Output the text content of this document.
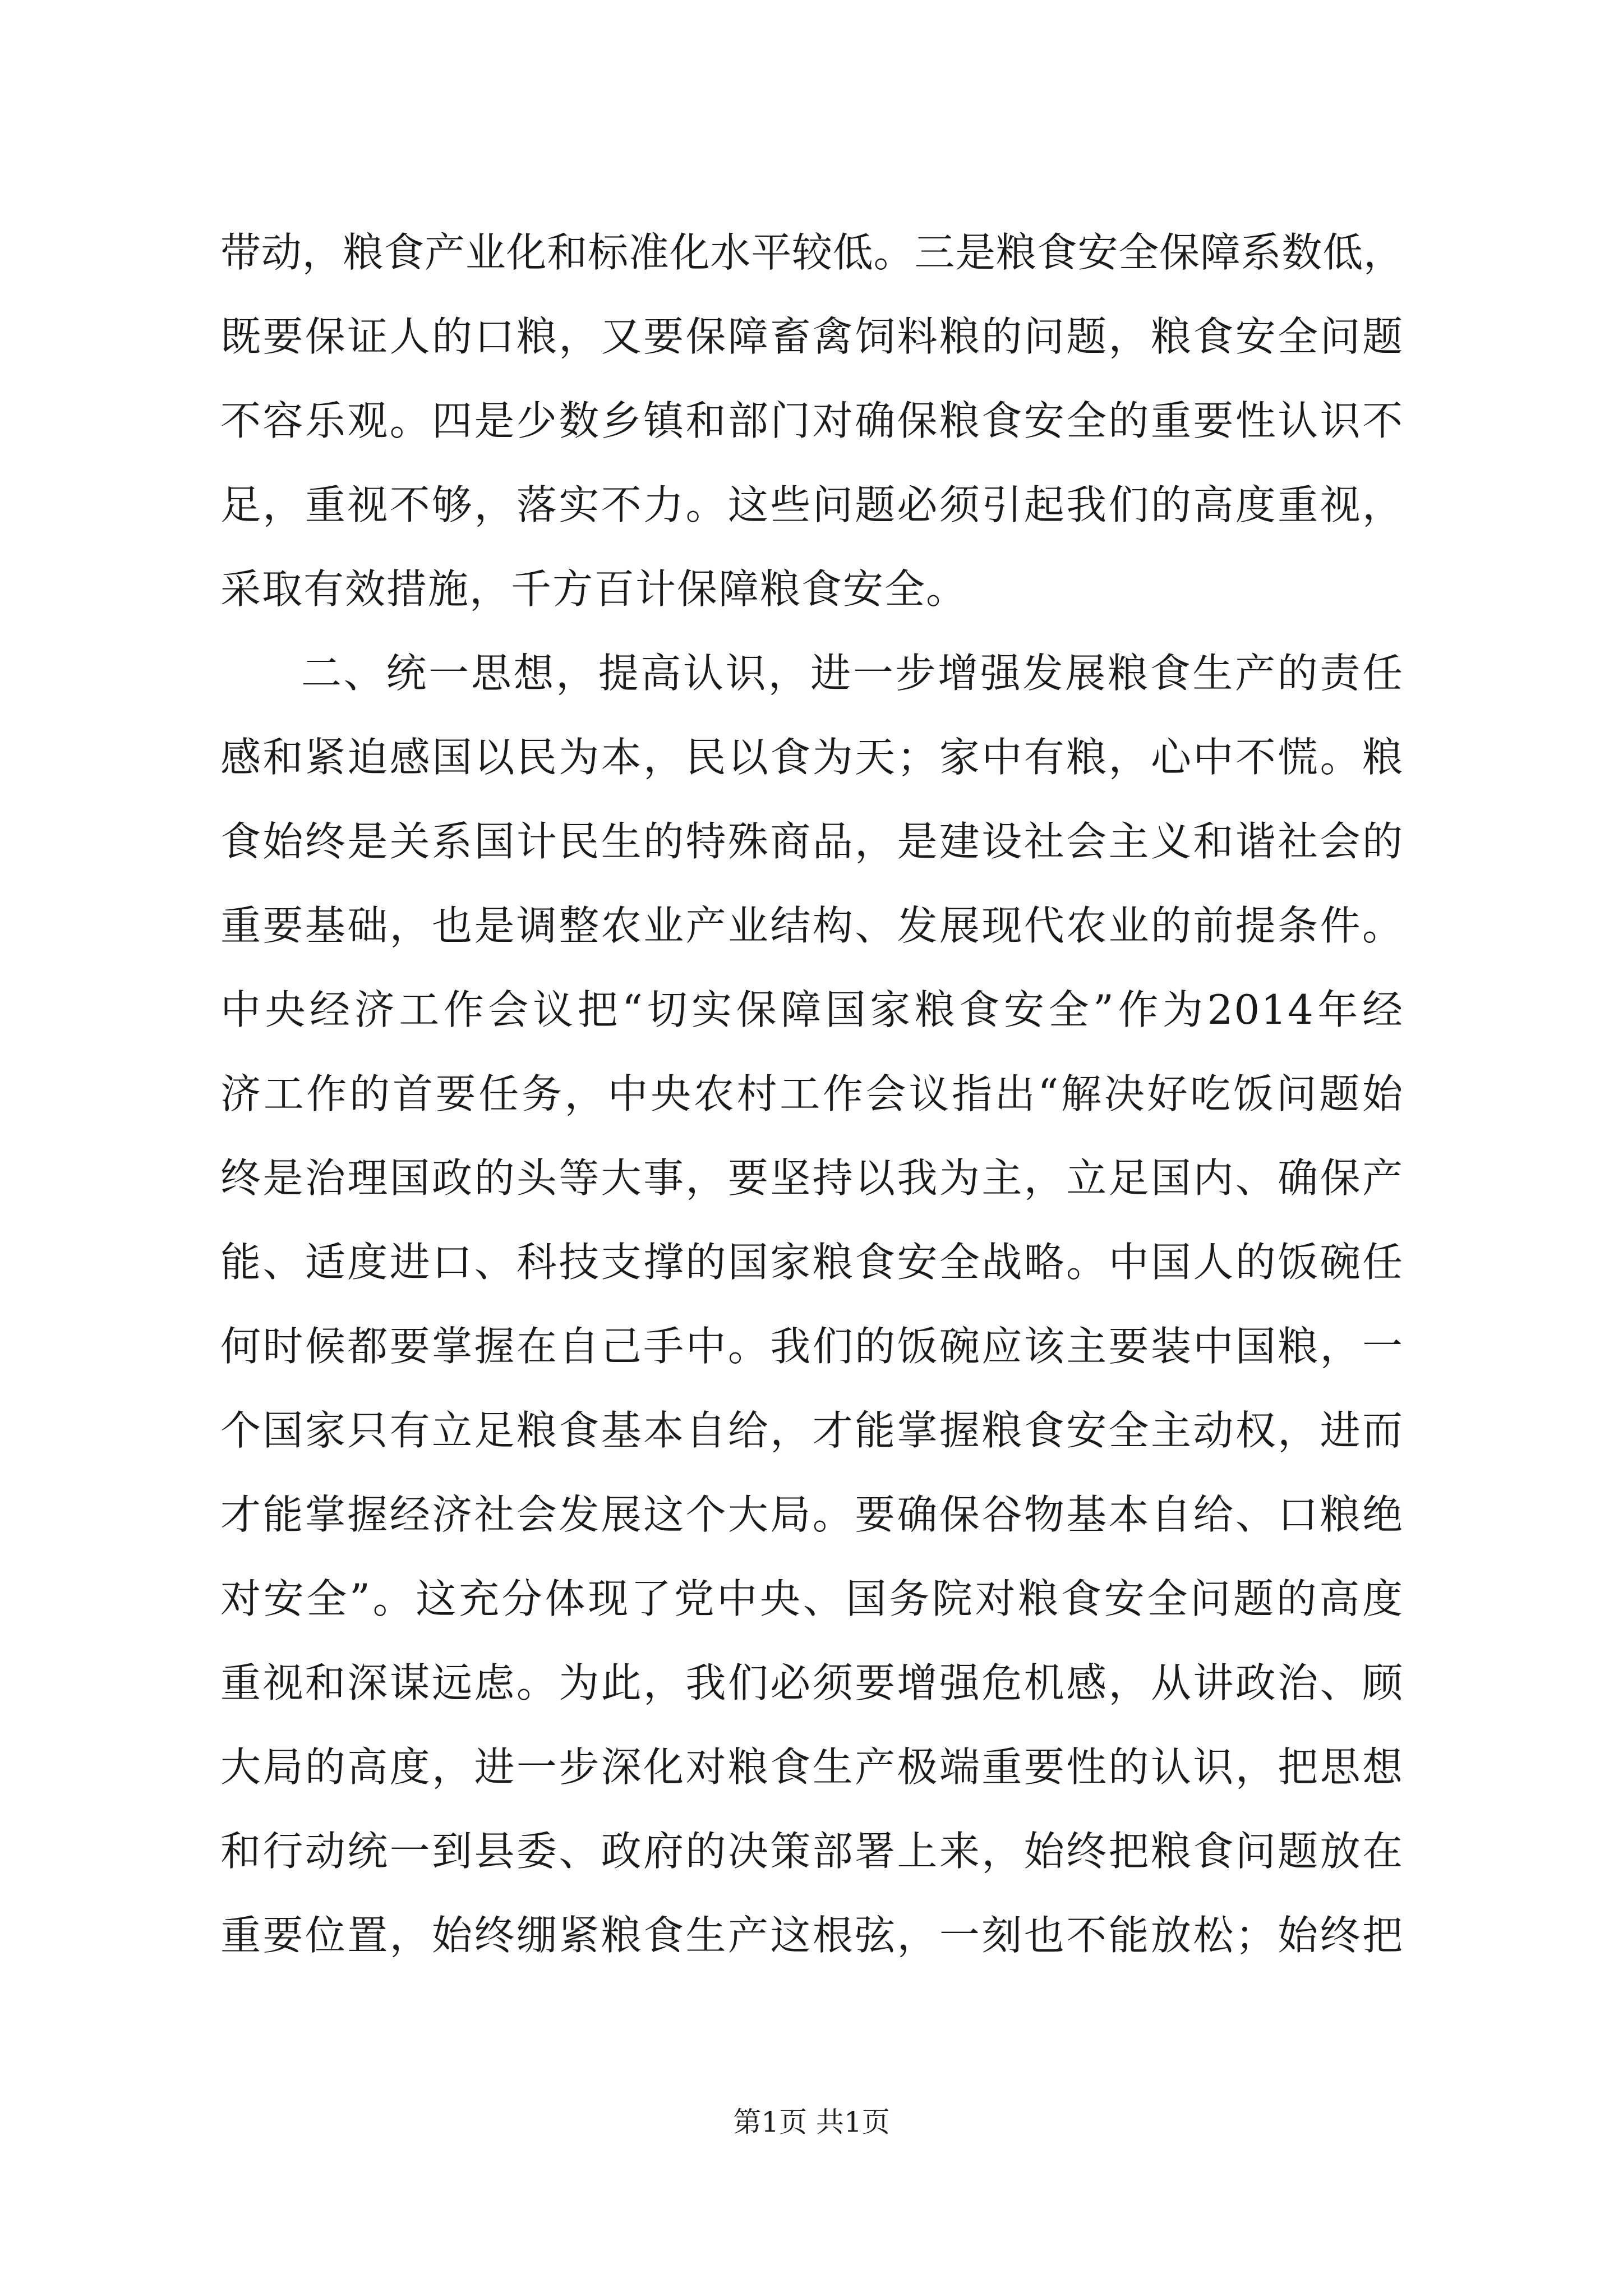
带动，粮食产业化和标准化水平较低。三是粮食安全保障系数低，
既要保证人的口粮，又要保障畜禽饲料粮的问题，粮食安全问题
不容乐观。四是少数乡镇和部门对确保粮食安全的重要性认识不
足，重视不够，落实不力。这些问题必须引起我们的高度重视，
采取有效措施，千方百计保障粮食安全。
二、统一思想，提高认识，进一步增强发展粮食生产的责任
感和紧迫感国以民为本，民以食为天；家中有粮，心中不慌。粮
食始终是关系国计民生的特殊商品，是建设社会主义和谐社会的
重要基础，也是调整农业产业结构、发展现代农业的前提条件。
中央经济工作会议把“切实保障国家粮食安全”作为2014年经
济工作的首要任务，中央农村工作会议指出“解决好吃饭问题始
终是治理国政的头等大事，要坚持以我为主，立足国内、确保产
能、适度进口、科技支撑的国家粮食安全战略。中国人的饭碗任
何时候都要掌握在自己手中。我们的饭碗应该主要装中国粮，一
个国家只有立足粮食基本自给，才能掌握粮食安全主动权，进而
才能掌握经济社会发展这个大局。要确保谷物基本自给、口粮绝
对安全”。这充分体现了党中央、国务院对粮食安全问题的高度
重视和深谋远虑。为此，我们必须要增强危机感，从讲政治、顾
大局的高度，进一步深化对粮食生产极端重要性的认识，把思想
和行动统一到县委、政府的决策部署上来，始终把粮食问题放在
重要位置，始终绷紧粮食生产这根弦，一刻也不能放松；始终把
第1页 共1页
